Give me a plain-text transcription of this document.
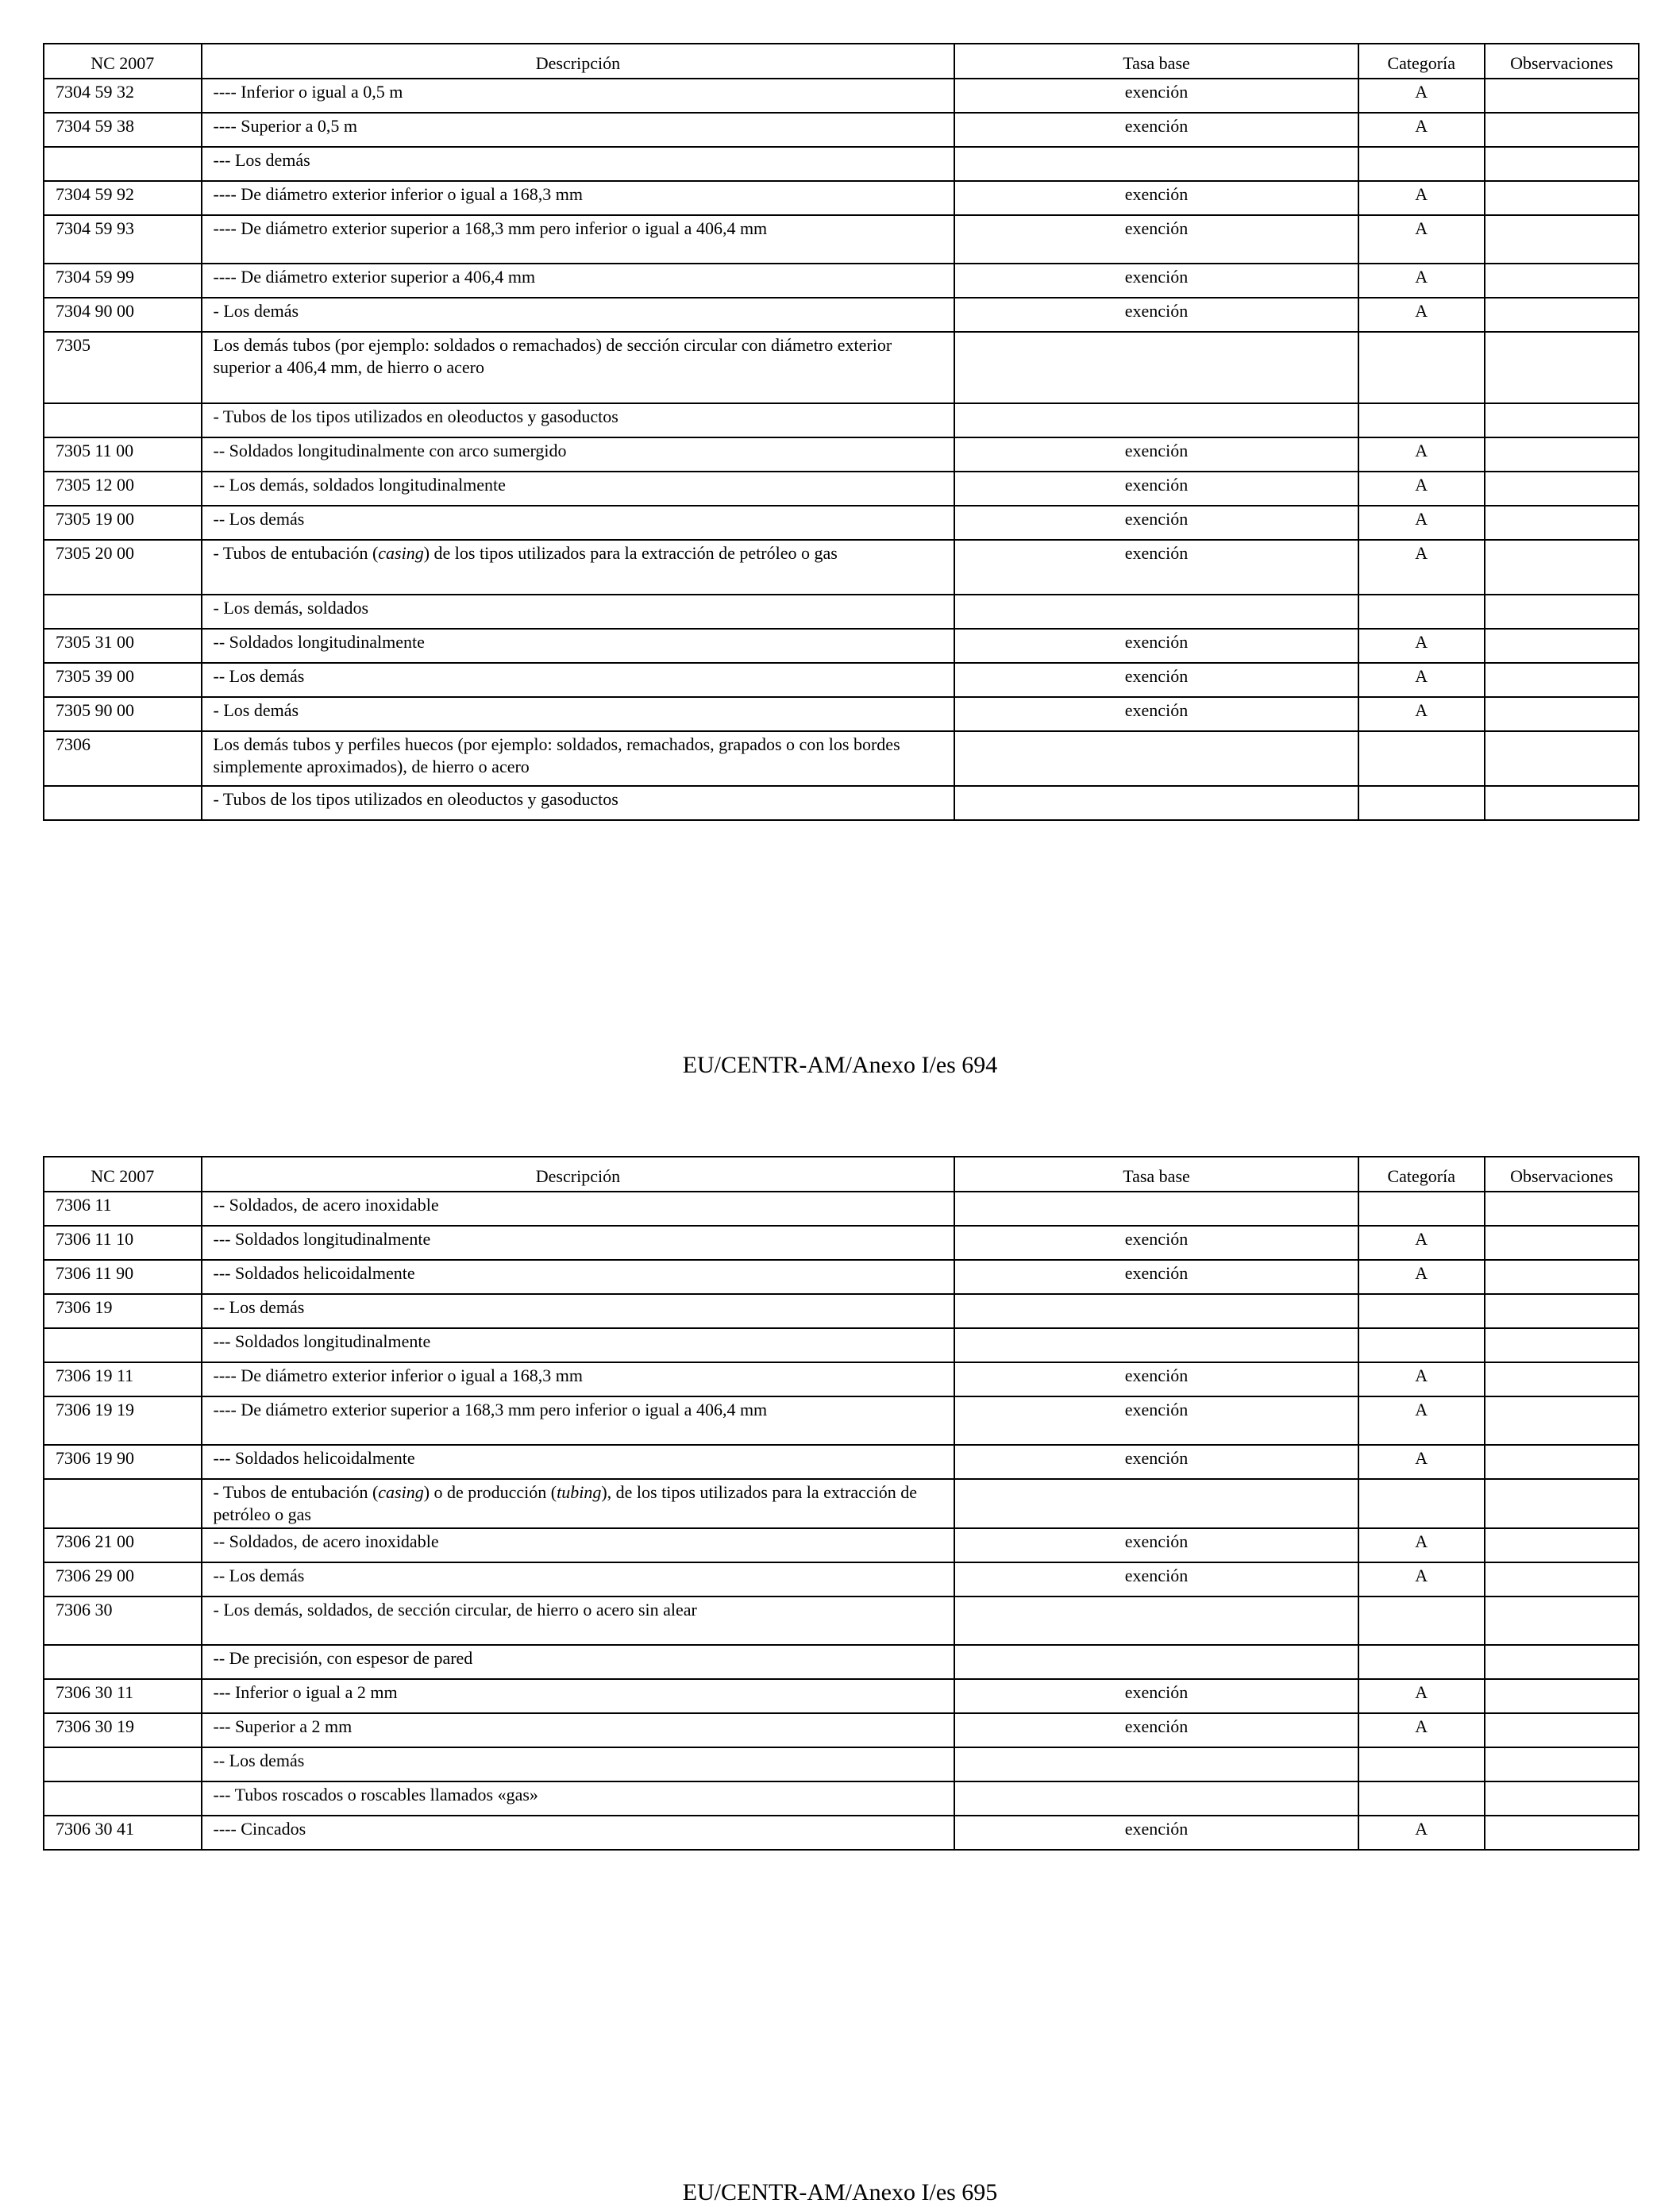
NC 2007	Descripción	Tasa base	Categoría	Observaciones
7304 59 32	---- Inferior o igual a 0,5 m	exención	A	
7304 59 38	---- Superior a 0,5 m	exención	A	
	--- Los demás			
7304 59 92	---- De diámetro exterior inferior o igual a 168,3 mm	exención	A	
7304 59 93	---- De diámetro exterior superior a 168,3 mm pero inferior o igual a 406,4 mm	exención	A	
7304 59 99	---- De diámetro exterior superior a 406,4 mm	exención	A	
7304 90 00	- Los demás	exención	A	
7305	Los demás tubos (por ejemplo: soldados o remachados) de sección circular con diámetro exterior superior a 406,4 mm, de hierro o acero			
	- Tubos de los tipos utilizados en oleoductos y gasoductos			
7305 11 00	-- Soldados longitudinalmente con arco sumergido	exención	A	
7305 12 00	-- Los demás, soldados longitudinalmente	exención	A	
7305 19 00	-- Los demás	exención	A	
7305 20 00	- Tubos de entubación (casing) de los tipos utilizados para la extracción de petróleo o gas	exención	A	
	- Los demás, soldados			
7305 31 00	-- Soldados longitudinalmente	exención	A	
7305 39 00	-- Los demás	exención	A	
7305 90 00	- Los demás	exención	A	
7306	Los demás tubos y perfiles huecos (por ejemplo: soldados, remachados, grapados o con los bordes simplemente aproximados), de hierro o acero			
	- Tubos de los tipos utilizados en oleoductos y gasoductos			
EU/CENTR-AM/Anexo I/es 694
NC 2007	Descripción	Tasa base	Categoría	Observaciones
7306 11	-- Soldados, de acero inoxidable			
7306 11 10	--- Soldados longitudinalmente	exención	A	
7306 11 90	--- Soldados helicoidalmente	exención	A	
7306 19	-- Los demás			
	--- Soldados longitudinalmente			
7306 19 11	---- De diámetro exterior inferior o igual a 168,3 mm	exención	A	
7306 19 19	---- De diámetro exterior superior a 168,3 mm pero inferior o igual a 406,4 mm	exención	A	
7306 19 90	--- Soldados helicoidalmente	exención	A	
	- Tubos de entubación (casing) o de producción (tubing), de los tipos utilizados para la extracción de petróleo o gas			
7306 21 00	-- Soldados, de acero inoxidable	exención	A	
7306 29 00	-- Los demás	exención	A	
7306 30	- Los demás, soldados, de sección circular, de hierro o acero sin alear			
	-- De precisión, con espesor de pared			
7306 30 11	--- Inferior o igual a 2 mm	exención	A	
7306 30 19	--- Superior a 2 mm	exención	A	
	-- Los demás			
	--- Tubos roscados o roscables llamados «gas»			
7306 30 41	---- Cincados	exención	A	
EU/CENTR-AM/Anexo I/es 695
